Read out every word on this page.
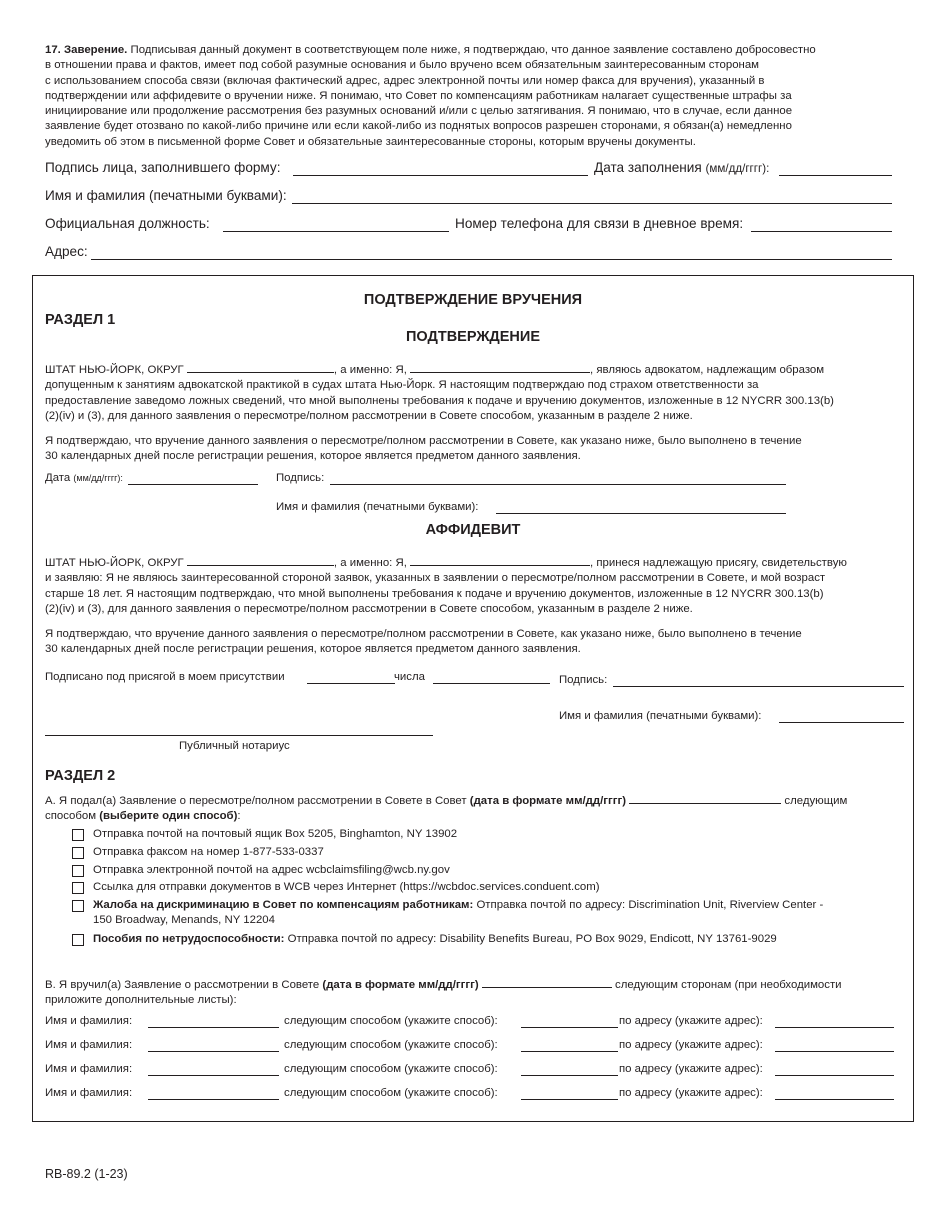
17. Заверение. Подписывая данный документ в соответствующем поле ниже, я подтверждаю, что данное заявление составлено добросовестно
в отношении права и фактов, имеет под собой разумные основания и было вручено всем обязательным заинтересованным сторонам
с использованием способа связи (включая фактический адрес, адрес электронной почты или номер факса для вручения), указанный в
подтверждении или аффидевите о вручении ниже. Я понимаю, что Совет по компенсациям работникам налагает существенные штрафы за
инициирование или продолжение рассмотрения без разумных оснований и/или с целью затягивания. Я понимаю, что в случае, если данное
заявление будет отозвано по какой-либо причине или если какой-либо из поднятых вопросов разрешен сторонами, я обязан(а) немедленно
уведомить об этом в письменной форме Совет и обязательные заинтересованные стороны, которым вручены документы.
Подпись лица, заполнившего форму:	Дата заполнения (мм/дд/гггг):
Имя и фамилия (печатными буквами):
Официальная должность:	Номер телефона для связи в дневное время:
Адрес:
ПОДТВЕРЖДЕНИЕ ВРУЧЕНИЯ
РАЗДЕЛ 1
ПОДТВЕРЖДЕНИЕ
ШТАТ НЬЮ-ЙОРК, ОКРУГ	, а именно: Я,	, являюсь адвокатом, надлежащим образом
допущенным к занятиям адвокатской практикой в судах штата Нью-Йорк. Я настоящим подтверждаю под страхом ответственности за
предоставление заведомо ложных сведений, что мной выполнены требования к подаче и вручению документов, изложенные в 12 NYCRR 300.13(b)
(2)(iv) и (3), для данного заявления о пересмотре/полном рассмотрении в Совете способом, указанным в разделе 2 ниже.
Я подтверждаю, что вручение данного заявления о пересмотре/полном рассмотрении в Совете, как указано ниже, было выполнено в течение
30 календарных дней после регистрации решения, которое является предметом данного заявления.
Дата (мм/дд/гггг):	Подпись:
Имя и фамилия (печатными буквами):
АФФИДЕВИТ
ШТАТ НЬЮ-ЙОРК, ОКРУГ	, а именно: Я,	, принеся надлежащую присягу, свидетельствую
и заявляю: Я не являюсь заинтересованной стороной заявок, указанных в заявлении о пересмотре/полном рассмотрении в Совете, и мой возраст
старше 18 лет. Я настоящим подтверждаю, что мной выполнены требования к подаче и вручению документов, изложенные в 12 NYCRR 300.13(b)
(2)(iv) и (3), для данного заявления о пересмотре/полном рассмотрении в Совете способом, указанным в разделе 2 ниже.
Я подтверждаю, что вручение данного заявления о пересмотре/полном рассмотрении в Совете, как указано ниже, было выполнено в течение
30 календарных дней после регистрации решения, которое является предметом данного заявления.
Подписано под присягой в моем присутствии	числа	Подпись:
Имя и фамилия (печатными буквами):
Публичный нотариус
РАЗДЕЛ 2
A. Я подал(а) Заявление о пересмотре/полном рассмотрении в Совете в Совет (дата в формате мм/дд/гггг)	следующим
способом (выберите один способ):
Отправка почтой на почтовый ящик Box 5205, Binghamton, NY 13902
Отправка факсом на номер 1-877-533-0337
Отправка электронной почтой на адрес wcbclaimsfiling@wcb.ny.gov
Ссылка для отправки документов в WCB через Интернет (https://wcbdoc.services.conduent.com)
Жалоба на дискриминацию в Совет по компенсациям работникам: Отправка почтой по адресу: Discrimination Unit, Riverview Center -
150 Broadway, Menands, NY 12204
Пособия по нетрудоспособности: Отправка почтой по адресу: Disability Benefits Bureau, PO Box 9029, Endicott, NY 13761-9029
B. Я вручил(а) Заявление о рассмотрении в Совете (дата в формате мм/дд/гггг)	следующим сторонам (при необходимости
приложите дополнительные листы):
Имя и фамилия:	следующим способом (укажите способ):	по адресу (укажите адрес):
Имя и фамилия:	следующим способом (укажите способ):	по адресу (укажите адрес):
Имя и фамилия:	следующим способом (укажите способ):	по адресу (укажите адрес):
Имя и фамилия:	следующим способом (укажите способ):	по адресу (укажите адрес):
RB-89.2 (1-23)
